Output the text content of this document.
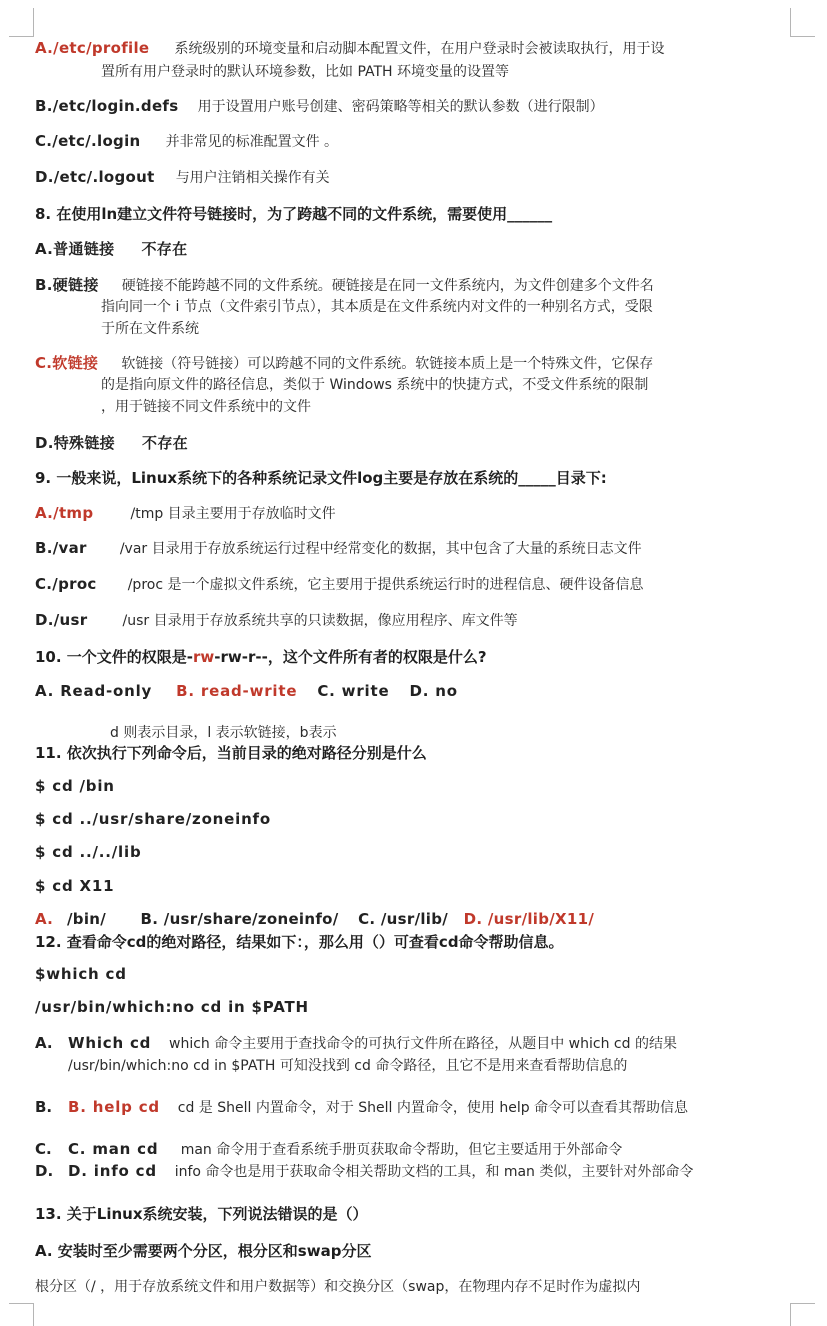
A./etc/profile 系统级别的环境变量和启动脚本配置文件，在用户登录时会被读取执行，用于设
置所有用户登录时的默认环境参数，比如 PATH 环境变量的设置等
B./etc/login.defs 用于设置用户账号创建、密码策略等相关的默认参数（进行限制）
C./etc/.login 并非常见的标准配置文件 。
D./etc/.logout 与用户注销相关操作有关
8. 在使用ln建立文件符号链接时，为了跨越不同的文件系统，需要使用______
A.普通链接 不存在
B.硬链接 硬链接不能跨越不同的文件系统。硬链接是在同一文件系统内，为文件创建多个文件名
指向同一个 i 节点（文件索引节点），其本质是在文件系统内对文件的一种别名方式，受限
于所在文件系统
C.软链接 软链接（符号链接）可以跨越不同的文件系统。软链接本质上是一个特殊文件，它保存
的是指向原文件的路径信息，类似于 Windows 系统中的快捷方式，不受文件系统的限制
，用于链接不同文件系统中的文件
D.特殊链接 不存在
9. 一般来说，Linux系统下的各种系统记录文件log主要是存放在系统的_____目录下:
A./tmp	/tmp 目录主要用于存放临时文件
B./var /var 目录用于存放系统运行过程中经常变化的数据，其中包含了大量的系统日志文件
C./proc /proc 是一个虚拟文件系统，它主要用于提供系统运行时的进程信息、硬件设备信息
D./usr	/usr 目录用于存放系统共享的只读数据，像应用程序、库文件等
10. 一个文件的权限是-rw-rw-r--，这个文件所有者的权限是什么?
A. Read-only B. read-write C. write D. no
d 则表示目录，l 表示软链接，b表示
11. 依次执行下列命令后，当前目录的绝对路径分别是什么
$ cd /bin
$ cd ../usr/share/zoneinfo
$ cd ../../lib
$ cd X11
A. /bin/ B. /usr/share/zoneinfo/ C. /usr/lib/ D. /usr/lib/X11/
12. 查看命令cd的绝对路径，结果如下：，那么用（）可查看cd命令帮助信息。
$which cd
/usr/bin/which:no cd in $PATH
A. Which cd which 命令主要用于查找命令的可执行文件所在路径，从题目中 which cd 的结果 /usr/bin/which:no cd in $PATH 可知没找到 cd 命令路径，且它不是用来查看帮助信息的
B. B. help cd cd 是 Shell 内置命令，对于 Shell 内置命令，使用 help 命令可以查看其帮助信息
C. C. man cd man 命令用于查看系统手册页获取命令帮助，但它主要适用于外部命令
D. D. info cd info 命令也是用于获取命令相关帮助文档的工具，和 man 类似，主要针对外部命令
13. 关于Linux系统安装，下列说法错误的是（）
A. 安装时至少需要两个分区，根分区和swap分区
根分区（/ ，用于存放系统文件和用户数据等）和交换分区（swap，在物理内存不足时作为虚拟内
